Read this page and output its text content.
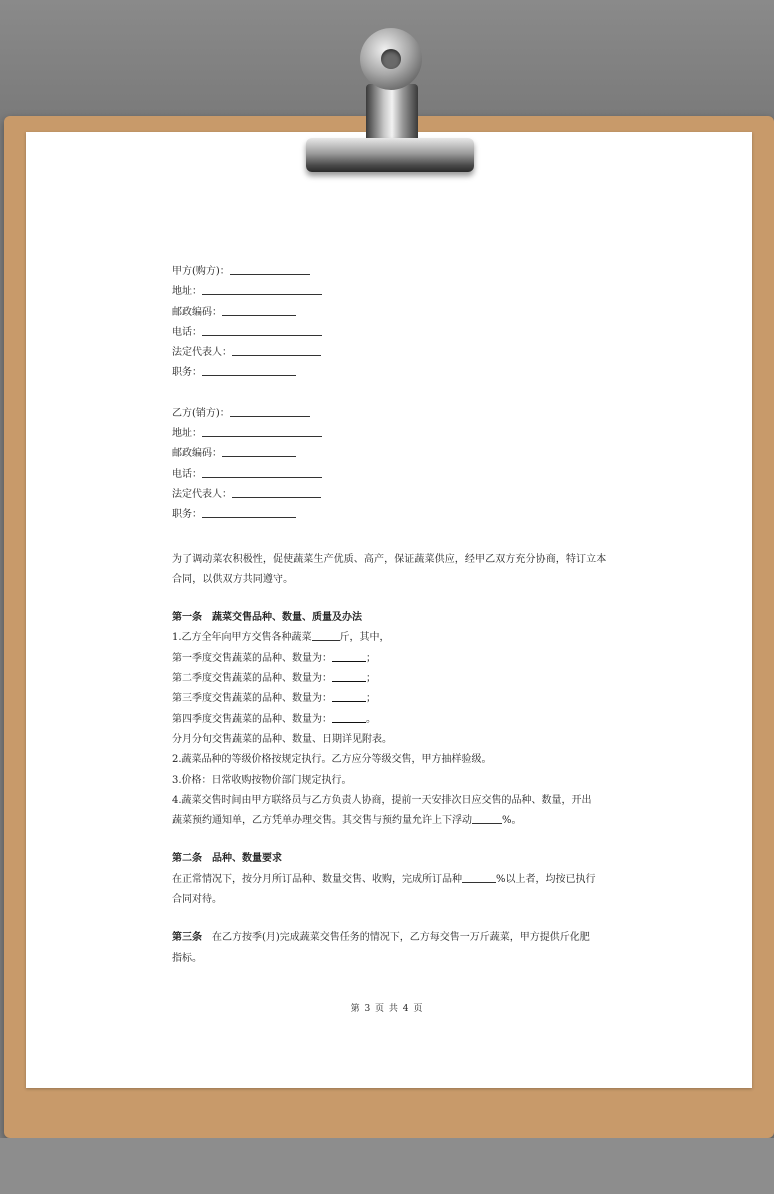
甲方(购方)：
地址：
邮政编码：
电话：
法定代表人：
职务：
乙方(销方)：
地址：
邮政编码：
电话：
法定代表人：
职务：
为了调动菜农积极性，促使蔬菜生产优质、高产，保证蔬菜供应，经甲乙双方充分协商，特订立本合同，以供双方共同遵守。
第一条　蔬菜交售品种、数量、质量及办法
1.乙方全年向甲方交售各种蔬菜	斤，其中，
第一季度交售蔬菜的品种、数量为：	；
第二季度交售蔬菜的品种、数量为：	；
第三季度交售蔬菜的品种、数量为：	；
第四季度交售蔬菜的品种、数量为：	。
分月分旬交售蔬菜的品种、数量、日期详见附表。
2.蔬菜品种的等级价格按规定执行。乙方应分等级交售，甲方抽样验级。
3.价格：日常收购按物价部门规定执行。
4.蔬菜交售时间由甲方联络员与乙方负责人协商，提前一天安排次日应交售的品种、数量，开出
蔬菜预约通知单，乙方凭单办理交售。其交售与预约量允许上下浮动	%。
第二条　品种、数量要求
在正常情况下，按分月所订品种、数量交售、收购，完成所订品种	%以上者，均按已执行
合同对待。
第三条 在乙方按季(月)完成蔬菜交售任务的情况下，乙方每交售一万斤蔬菜，甲方提供斤化肥
指标。
第 3 页 共 4 页
